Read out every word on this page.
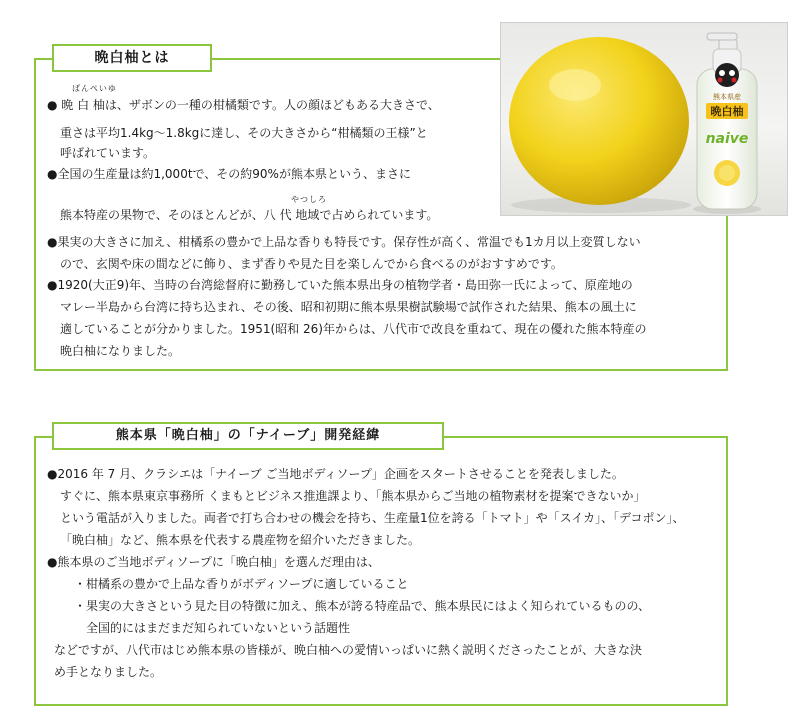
晩白柚とは
熊本県産
晩白柚
naive
ばんぺいゆ
やつしろ
● 晩 白 柚は、ザボンの一種の柑橘類です。人の顔ほどもある大きさで、
重さは平均1.4kg〜1.8kgに達し、その大きさから“柑橘類の王様”と
呼ばれています。
●全国の生産量は約1,000tで、その約90%が熊本県という、まさに
熊本特産の果物で、そのほとんどが、八 代 地域で占められています。
●果実の大きさに加え、柑橘系の豊かで上品な香りも特長です。保存性が高く、常温でも1カ月以上変質しない
ので、玄関や床の間などに飾り、まず香りや見た目を楽しんでから食べるのがおすすめです。
●1920(大正9)年、当時の台湾総督府に勤務していた熊本県出身の植物学者・島田弥一氏によって、原産地の
マレー半島から台湾に持ち込まれ、その後、昭和初期に熊本県果樹試験場で試作された結果、熊本の風土に
適していることが分かりました。1951(昭和 26)年からは、八代市で改良を重ねて、現在の優れた熊本特産の
晩白柚になりました。
熊本県「晩白柚」の「ナイーブ」開発経緯
●2016 年 7 月、クラシエは「ナイーブ ご当地ボディソープ」企画をスタートさせることを発表しました。
すぐに、熊本県東京事務所 くまもとビジネス推進課より、「熊本県からご当地の植物素材を提案できないか」
という電話が入りました。両者で打ち合わせの機会を持ち、生産量1位を誇る「トマト」や「スイカ」、「デコポン」、
「晩白柚」など、熊本県を代表する農産物を紹介いただきました。
●熊本県のご当地ボディソープに「晩白柚」を選んだ理由は、
・柑橘系の豊かで上品な香りがボディソープに適していること
・果実の大きさという見た目の特徴に加え、熊本が誇る特産品で、熊本県民にはよく知られているものの、
全国的にはまだまだ知られていないという話題性
などですが、八代市はじめ熊本県の皆様が、晩白柚への愛情いっぱいに熱く説明くださったことが、大きな決
め手となりました。
